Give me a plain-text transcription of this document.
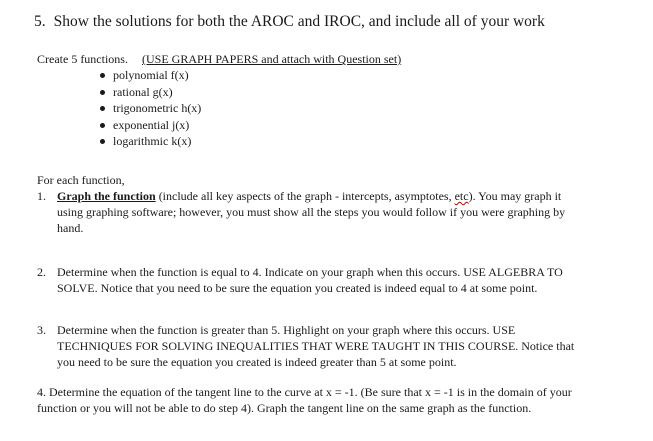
5. Show the solutions for both the AROC and IROC, and include all of your work
Create 5 functions. (USE GRAPH PAPERS and attach with Question set)
polynomial f(x)
rational g(x)
trigonometric h(x)
exponential j(x)
logarithmic k(x)
For each function,
1. Graph the function (include all key aspects of the graph - intercepts, asymptotes, etc). You may graph it using graphing software; however, you must show all the steps you would follow if you were graphing by hand.
2. Determine when the function is equal to 4. Indicate on your graph when this occurs. USE ALGEBRA TO SOLVE. Notice that you need to be sure the equation you created is indeed equal to 4 at some point.
3. Determine when the function is greater than 5. Highlight on your graph where this occurs. USE TECHNIQUES FOR SOLVING INEQUALITIES THAT WERE TAUGHT IN THIS COURSE. Notice that you need to be sure the equation you created is indeed greater than 5 at some point.
4. Determine the equation of the tangent line to the curve at x = -1. (Be sure that x = -1 is in the domain of your function or you will not be able to do step 4). Graph the tangent line on the same graph as the function.
